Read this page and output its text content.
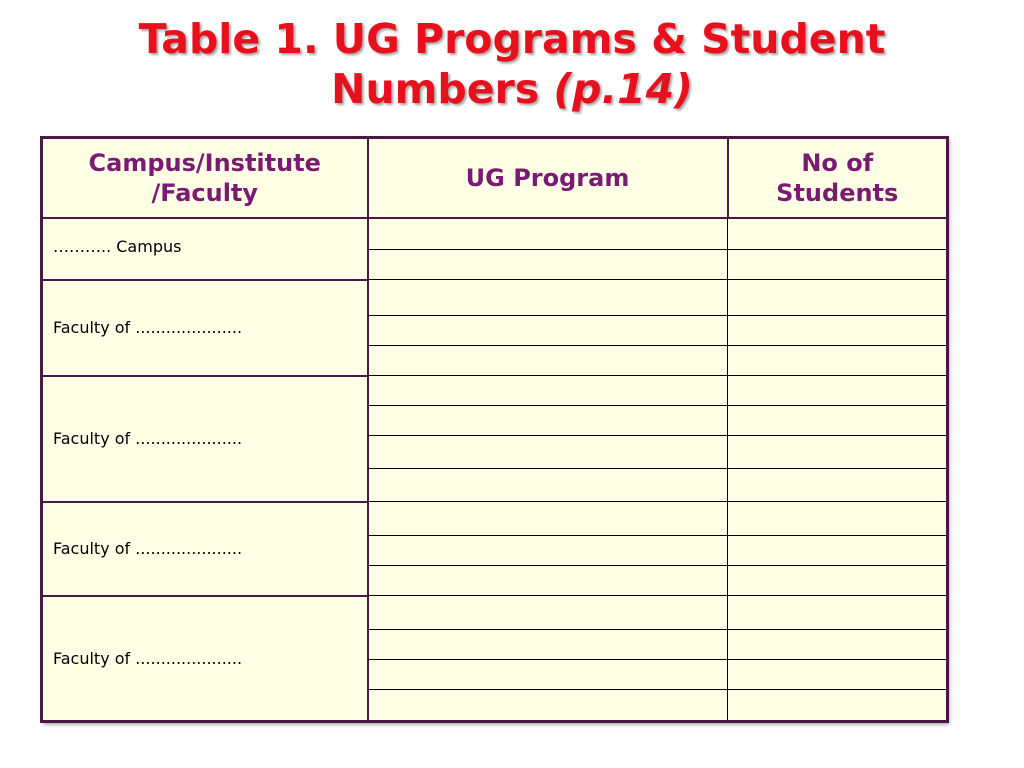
Table 1. UG Programs & Student
Numbers (p.14)
Campus/Institute /Faculty	UG Program	No of Students
……….. Campus		

Faculty of .....................		

Faculty of .....................		

Faculty of .....................		

Faculty of .....................		
